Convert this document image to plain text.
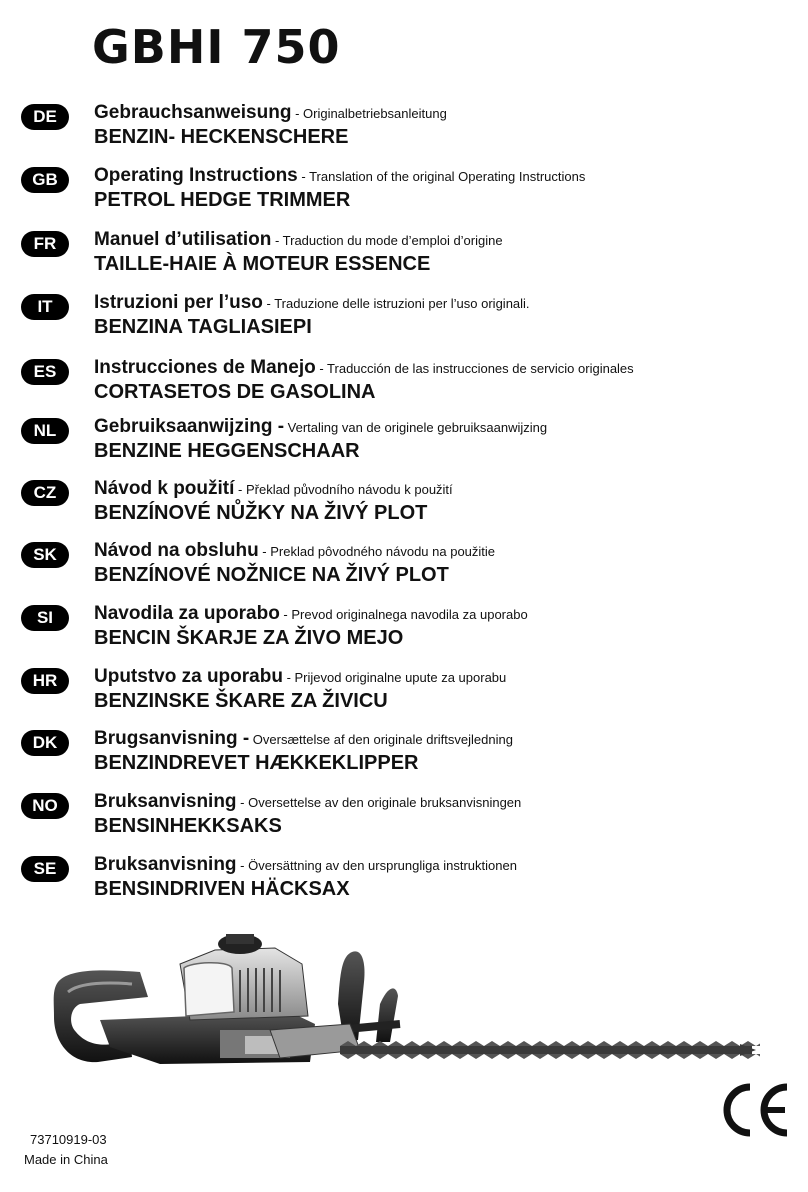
GBHI 750
DE	Gebrauchsanweisung - Originalbetriebsanleitung
BENZIN- HECKENSCHERE
GB	Operating Instructions - Translation of the original Operating Instructions
PETROL HEDGE TRIMMER
FR	Manuel d’utilisation - Traduction du mode d’emploi d’origine
TAILLE-HAIE À MOTEUR ESSENCE
IT	Istruzioni per l’uso - Traduzione delle istruzioni per l’uso originali.
BENZINA TAGLIASIEPI
ES	Instrucciones de Manejo - Traducción de las instrucciones de servicio originales
CORTASETOS DE GASOLINA
NL	Gebruiksaanwijzing - Vertaling van de originele gebruiksaanwijzing
BENZINE HEGGENSCHAAR
CZ	Návod k použití - Překlad původního návodu k použití
BENZÍNOVÉ NŮŽKY NA ŽIVÝ PLOT
SK	Návod na obsluhu - Preklad pôvodného návodu na použitie
BENZÍNOVÉ NOŽNICE NA ŽIVÝ PLOT
SI	Navodila za uporabo - Prevod originalnega navodila za uporabo
BENCIN ŠKARJE ZA ŽIVO MEJO
HR	Uputstvo za uporabu - Prijevod originalne upute za uporabu
BENZINSKE ŠKARE ZA ŽIVICU
DK	Brugsanvisning - Oversættelse af den originale driftsvejledning
BENZINDREVET HÆKKEKLIPPER
NO	Bruksanvisning - Oversettelse av den originale bruksanvisningen
BENSINHEKKSAKS
SE	Bruksanvisning - Översättning av den ursprungliga instruktionen
BENSINDRIVEN HÄCKSAX
73710919-03
Made in China
